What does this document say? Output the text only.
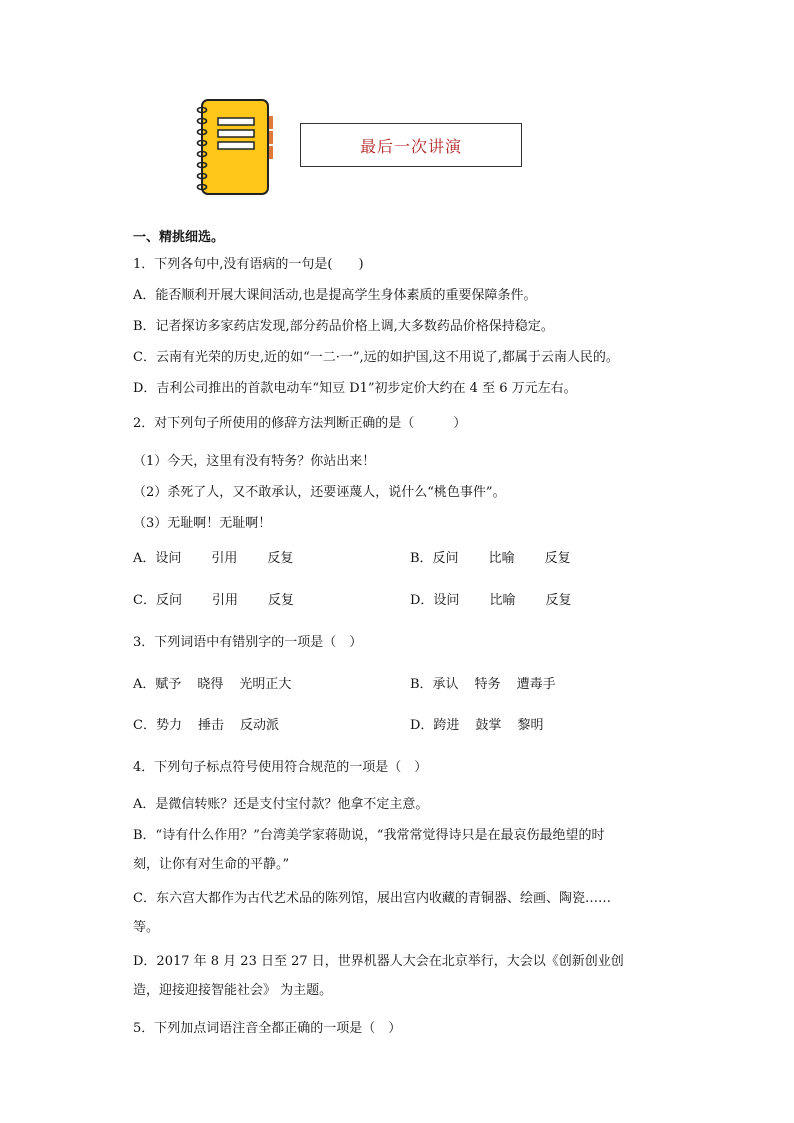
最后一次讲演
一、精挑细选。
1．下列各句中,没有语病的一句是(　　)
A．能否顺利开展大课间活动,也是提高学生身体素质的重要保障条件。
B．记者探访多家药店发现,部分药品价格上调,大多数药品价格保持稳定。
C．云南有光荣的历史,近的如“一二·一”,远的如护国,这不用说了,都属于云南人民的。
D．吉利公司推出的首款电动车“知豆 D1”初步定价大约在 4 至 6 万元左右。
2．对下列句子所使用的修辞方法判断正确的是（　　　）
（1）今天，这里有没有特务？你站出来！
（2）杀死了人，又不敢承认，还要诬蔑人，说什么“桃色事件”。
（3）无耻啊！无耻啊！
A．设问 引用 反复	B．反问 比喻 反复
C．反问 引用 反复	D．设问 比喻 反复
3．下列词语中有错别字的一项是（　）
A．赋予 晓得 光明正大	B．承认 特务 遭毒手
C．势力 捶击 反动派	D．跨进 鼓掌 黎明
4．下列句子标点符号使用符合规范的一项是（　）
A．是微信转账？还是支付宝付款？他拿不定主意。
B．“诗有什么作用？”台湾美学家蒋勋说，“我常常觉得诗只是在最哀伤最绝望的时
刻，让你有对生命的平静。”
C．东六宫大都作为古代艺术品的陈列馆，展出宫内收藏的青铜器、绘画、陶瓷……
等。
D．2017 年 8 月 23 日至 27 日，世界机器人大会在北京举行，大会以《创新创业创
造，迎接迎接智能社会》 为主题。
5．下列加点词语注音全都正确的一项是（　）
